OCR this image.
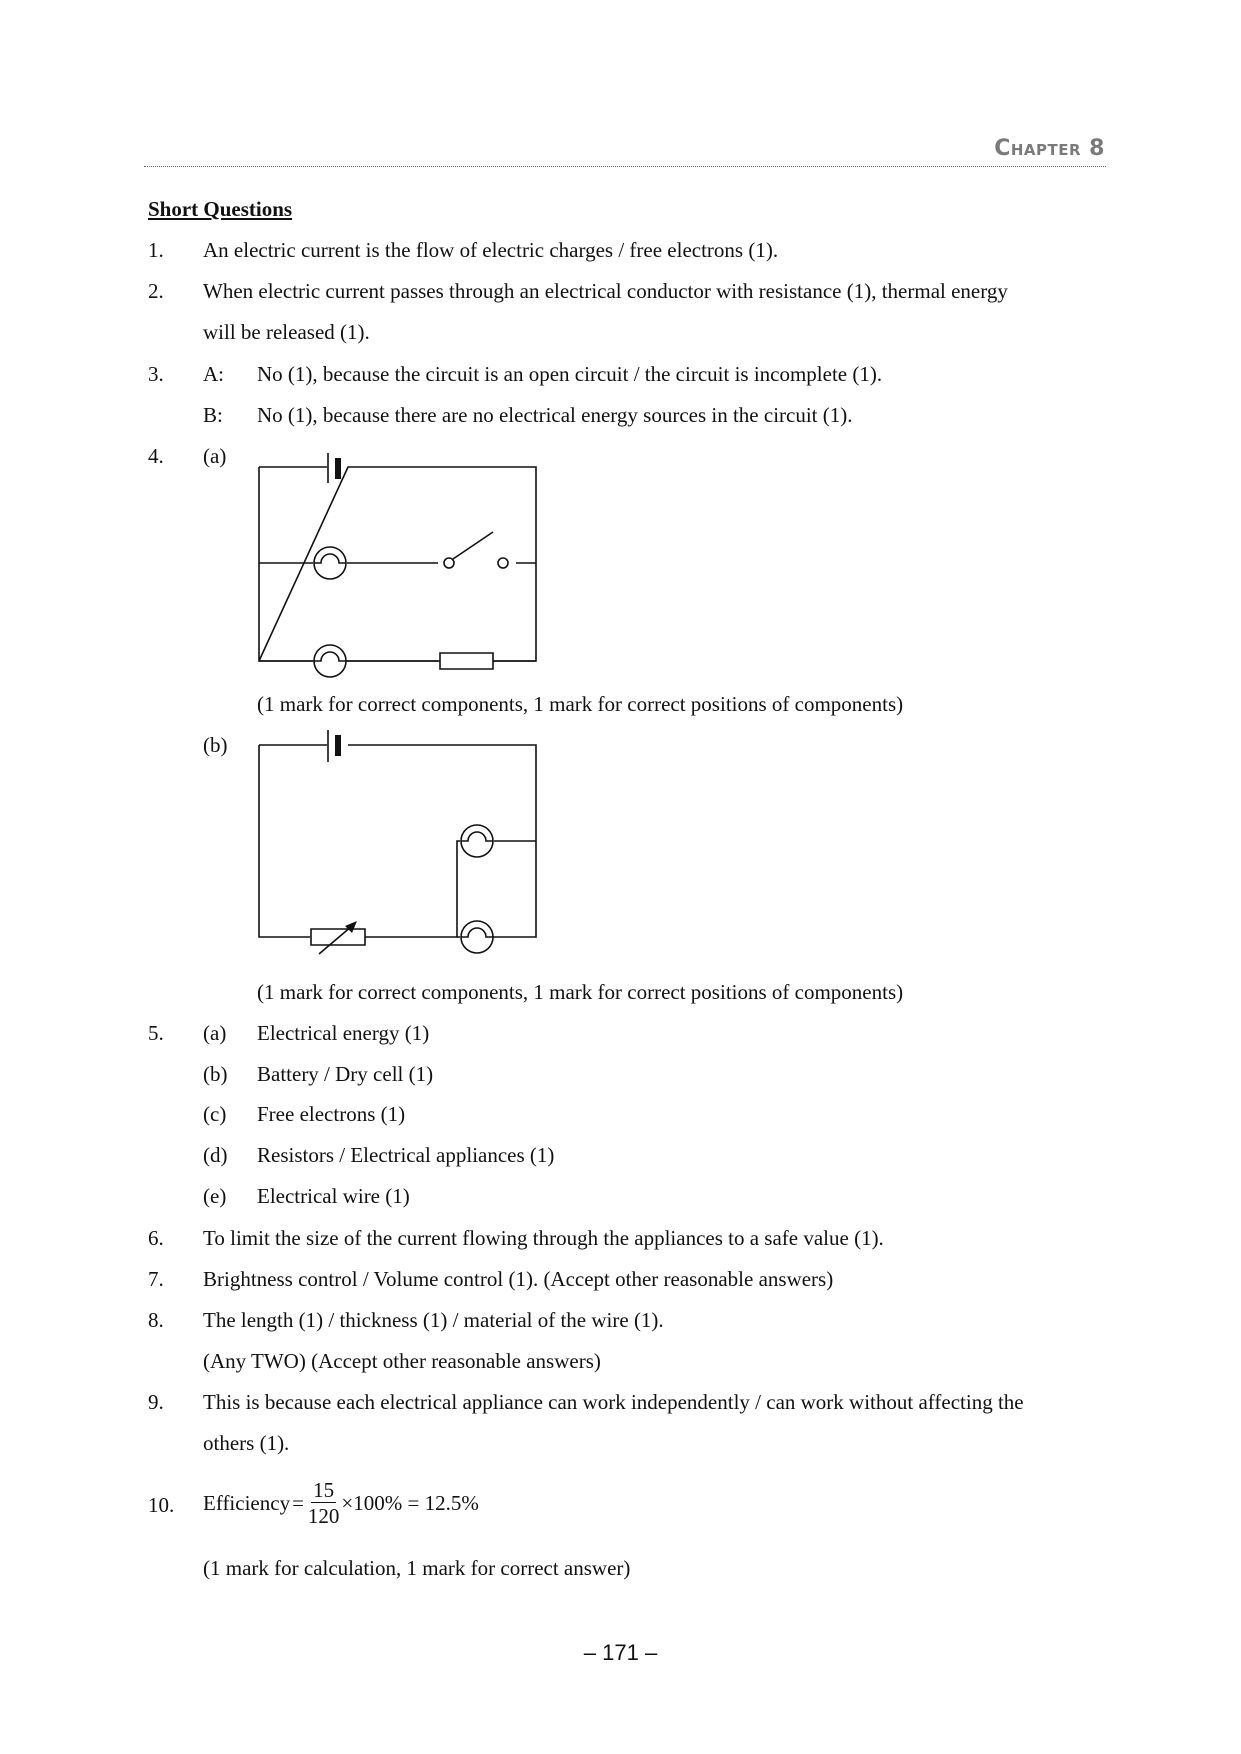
Chapter 8
Short Questions
1. An electric current is the flow of electric charges / free electrons (1).
2. When electric current passes through an electrical conductor with resistance (1), thermal energy
will be released (1).
3. A: No (1), because the circuit is an open circuit / the circuit is incomplete (1).
B: No (1), because there are no electrical energy sources in the circuit (1).
4. (a)
(1 mark for correct components, 1 mark for correct positions of components)
(b)
(1 mark for correct components, 1 mark for correct positions of components)
5. (a) Electrical energy (1)
(b) Battery / Dry cell (1)
(c) Free electrons (1)
(d) Resistors / Electrical appliances (1)
(e) Electrical wire (1)
6. To limit the size of the current flowing through the appliances to a safe value (1).
7. Brightness control / Volume control (1). (Accept other reasonable answers)
8. The length (1) / thickness (1) / material of the wire (1).
(Any TWO) (Accept other reasonable answers)
9. This is because each electrical appliance can work independently / can work without affecting the
others (1).
10. Efficiency = $\frac{15}{120} \times 100\% = 12.5\%$
(1 mark for calculation, 1 mark for correct answer)
– 171 –
